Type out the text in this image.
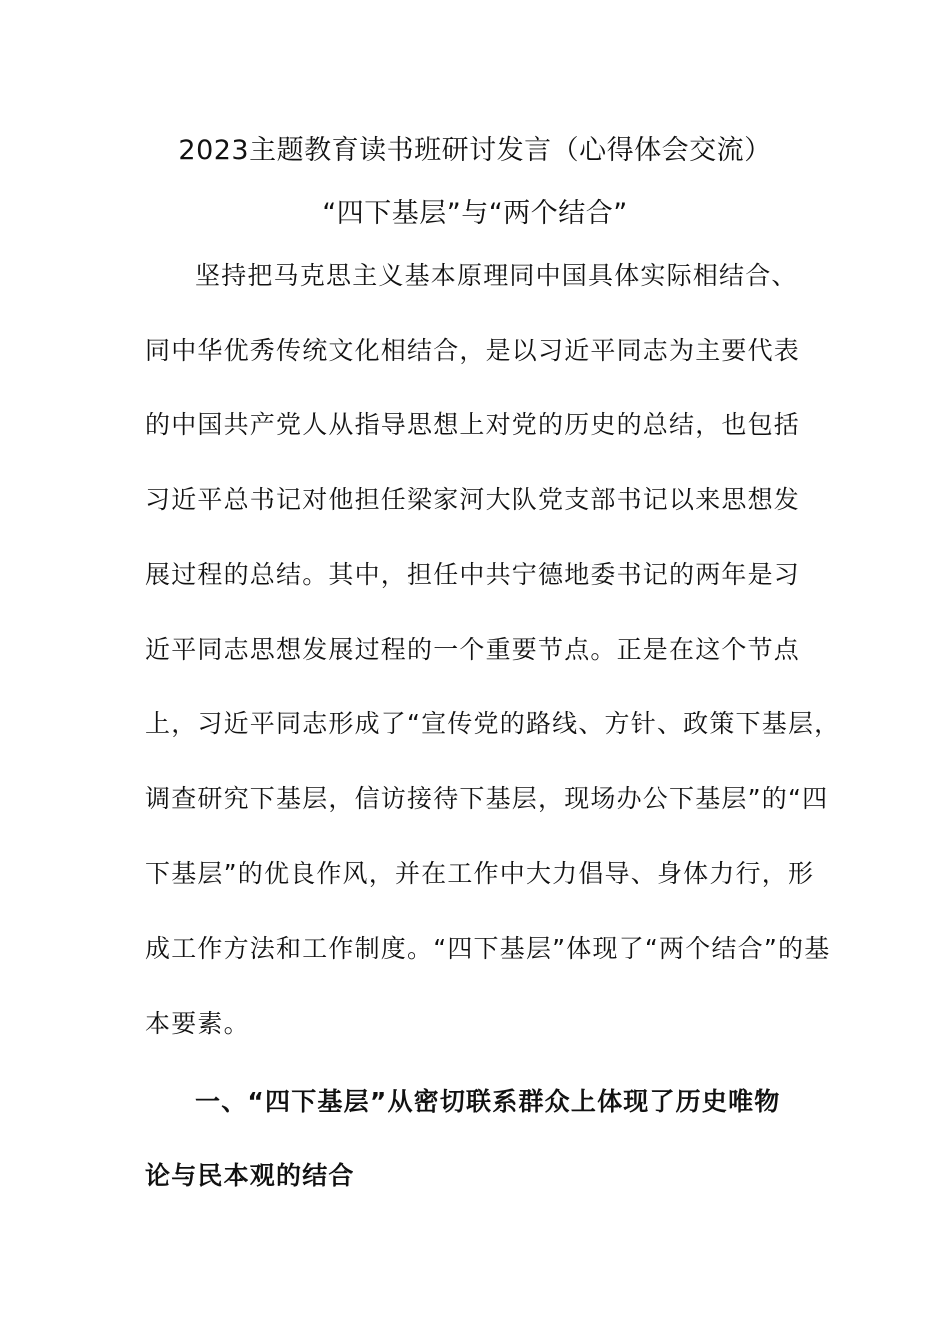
2023主题教育读书班研讨发言（心得体会交流）
“四下基层”与“两个结合”
坚持把马克思主义基本原理同中国具体实际相结合、
同中华优秀传统文化相结合，是以习近平同志为主要代表
的中国共产党人从指导思想上对党的历史的总结，也包括
习近平总书记对他担任梁家河大队党支部书记以来思想发
展过程的总结。其中，担任中共宁德地委书记的两年是习
近平同志思想发展过程的一个重要节点。正是在这个节点
上，习近平同志形成了“宣传党的路线、方针、政策下基层，
调查研究下基层，信访接待下基层，现场办公下基层”的“四
下基层”的优良作风，并在工作中大力倡导、身体力行，形
成工作方法和工作制度。“四下基层”体现了“两个结合”的基
本要素。
一、“四下基层”从密切联系群众上体现了历史唯物
论与民本观的结合
